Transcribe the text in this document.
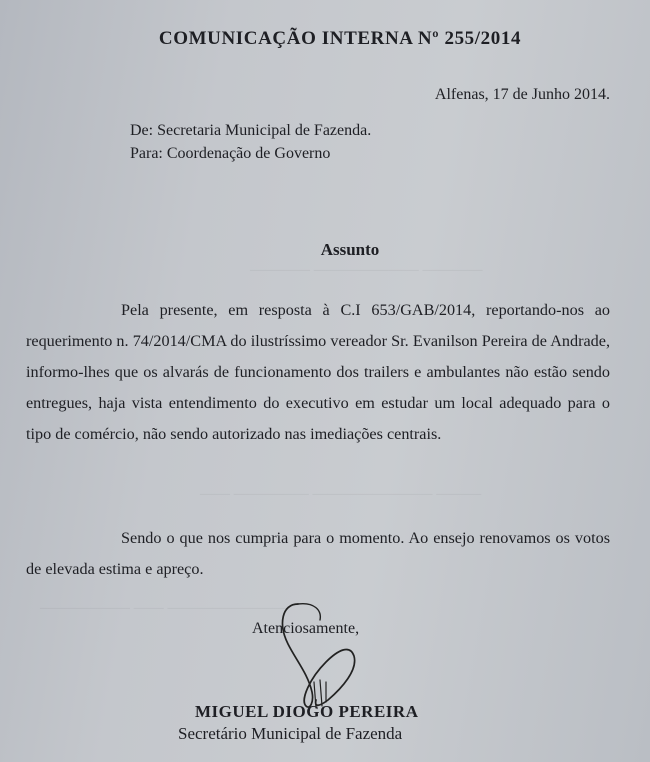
———— ——————— ————
——— ———————— ————— ——
———————— —— ——————
COMUNICAÇÃO INTERNA Nº 255/2014
Alfenas, 17 de Junho 2014.
De: Secretaria Municipal de Fazenda.
Para: Coordenação de Governo
Assunto

Pela presente, em resposta à C.I 653/GAB/2014, reportando-nos ao requerimento n. 74/2014/CMA do ilustríssimo vereador Sr. Evanilson Pereira de Andrade, informo-lhes que os alvarás de funcionamento dos trailers e ambulantes não estão sendo entregues, haja vista entendimento do executivo em estudar um local adequado para o tipo de comércio, não sendo autorizado nas imediações centrais.

Sendo o que nos cumpria para o momento. Ao ensejo renovamos os votos de elevada estima e apreço.

Atenciosamente,
MIGUEL DIOGO PEREIRA
Secretário Municipal de Fazenda
